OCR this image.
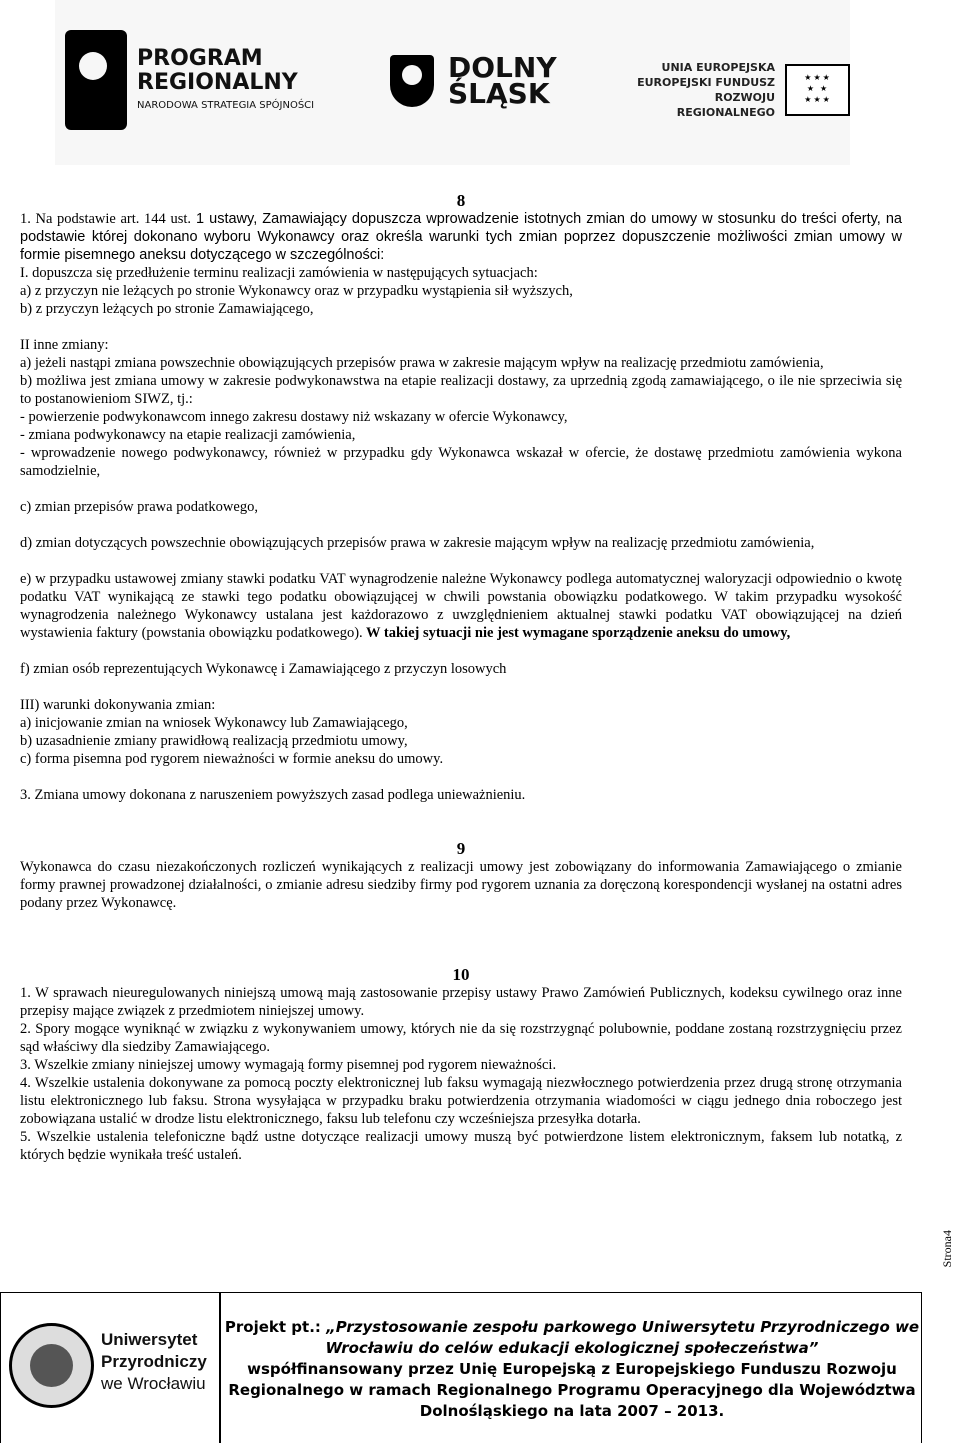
PROGRAM
REGIONALNY
NARODOWA STRATEGIA SPÓJNOŚCI
DOLNY
ŚLĄSK
UNIA EUROPEJSKA
EUROPEJSKI FUNDUSZ
ROZWOJU REGIONALNEGO
★ ★ ★
★   ★
★ ★ ★

8

1. Na podstawie art. 144 ust. 1 ustawy, Zamawiający dopuszcza wprowadzenie istotnych zmian do umowy w stosunku do treści oferty, na podstawie której dokonano wyboru Wykonawcy oraz określa warunki tych zmian poprzez dopuszczenie możliwości zmian umowy w formie pisemnego aneksu dotyczącego w szczególności:

I. dopuszcza się przedłużenie terminu realizacji zamówienia w następujących sytuacjach:

a) z przyczyn nie leżących po stronie Wykonawcy oraz w przypadku wystąpienia sił wyższych,

b) z przyczyn leżących po stronie Zamawiającego,

II inne zmiany:

a) jeżeli nastąpi zmiana powszechnie obowiązujących przepisów prawa w zakresie mającym wpływ na realizację przedmiotu zamówienia,

b) możliwa jest zmiana umowy w zakresie podwykonawstwa na etapie realizacji dostawy, za uprzednią zgodą zamawiającego, o ile nie sprzeciwia się to postanowieniom SIWZ, tj.:

- powierzenie podwykonawcom innego zakresu dostawy niż wskazany w ofercie Wykonawcy,

- zmiana podwykonawcy na etapie realizacji zamówienia,

- wprowadzenie nowego podwykonawcy, również w przypadku gdy Wykonawca wskazał w ofercie, że dostawę przedmiotu zamówienia wykona samodzielnie,

c) zmian przepisów prawa podatkowego,

d) zmian dotyczących powszechnie obowiązujących przepisów prawa w zakresie mającym wpływ na realizację przedmiotu zamówienia,

e) w przypadku ustawowej zmiany stawki podatku VAT wynagrodzenie należne Wykonawcy podlega automatycznej waloryzacji odpowiednio o kwotę podatku VAT wynikającą ze stawki tego podatku obowiązującej w chwili powstania obowiązku podatkowego. W takim przypadku wysokość wynagrodzenia należnego Wykonawcy ustalana jest każdorazowo z uwzględnieniem aktualnej stawki podatku VAT obowiązującej na dzień wystawienia faktury (powstania obowiązku podatkowego). W takiej sytuacji nie jest wymagane sporządzenie aneksu do umowy,

f) zmian osób reprezentujących Wykonawcę i Zamawiającego z przyczyn losowych

III) warunki dokonywania zmian:

a) inicjowanie zmian na wniosek Wykonawcy lub Zamawiającego,

b) uzasadnienie zmiany prawidłową realizacją przedmiotu umowy,

c) forma pisemna pod rygorem nieważności w formie aneksu do umowy.

3. Zmiana umowy dokonana z naruszeniem powyższych zasad podlega unieważnieniu.

9

Wykonawca do czasu niezakończonych rozliczeń wynikających z realizacji umowy jest zobowiązany do informowania Zamawiającego o zmianie formy prawnej prowadzonej działalności, o zmianie adresu siedziby firmy pod rygorem uznania za doręczoną korespondencji wysłanej na ostatni adres podany przez Wykonawcę.

10

1. W sprawach nieuregulowanych niniejszą umową mają zastosowanie przepisy ustawy Prawo Zamówień Publicznych, kodeksu cywilnego oraz inne przepisy mające związek z przedmiotem niniejszej umowy.

2. Spory mogące wyniknąć w związku z wykonywaniem umowy, których nie da się rozstrzygnąć polubownie, poddane zostaną rozstrzygnięciu przez sąd właściwy dla siedziby Zamawiającego.

3. Wszelkie zmiany niniejszej umowy wymagają formy pisemnej pod rygorem nieważności.

4. Wszelkie ustalenia dokonywane za pomocą poczty elektronicznej lub faksu wymagają niezwłocznego potwierdzenia przez drugą stronę otrzymania listu elektronicznego lub faksu. Strona wysyłająca w przypadku braku potwierdzenia otrzymania wiadomości w ciągu jednego dnia roboczego jest zobowiązana ustalić w drodze listu elektronicznego, faksu lub telefonu czy wcześniejsza przesyłka dotarła.

5. Wszelkie ustalenia telefoniczne bądź ustne dotyczące realizacji umowy muszą być potwierdzone listem elektronicznym, faksem lub notatką, z których będzie wynikała treść ustaleń.

Strona4
Uniwersytet
Przyrodniczy
we Wrocławiu
Projekt pt.: „Przystosowanie zespołu parkowego Uniwersytetu Przyrodniczego we Wrocławiu do celów edukacji ekologicznej społeczeństwa”
współfinansowany przez Unię Europejską z Europejskiego Funduszu Rozwoju Regionalnego w ramach Regionalnego Programu Operacyjnego dla Województwa Dolnośląskiego na lata 2007 – 2013.
